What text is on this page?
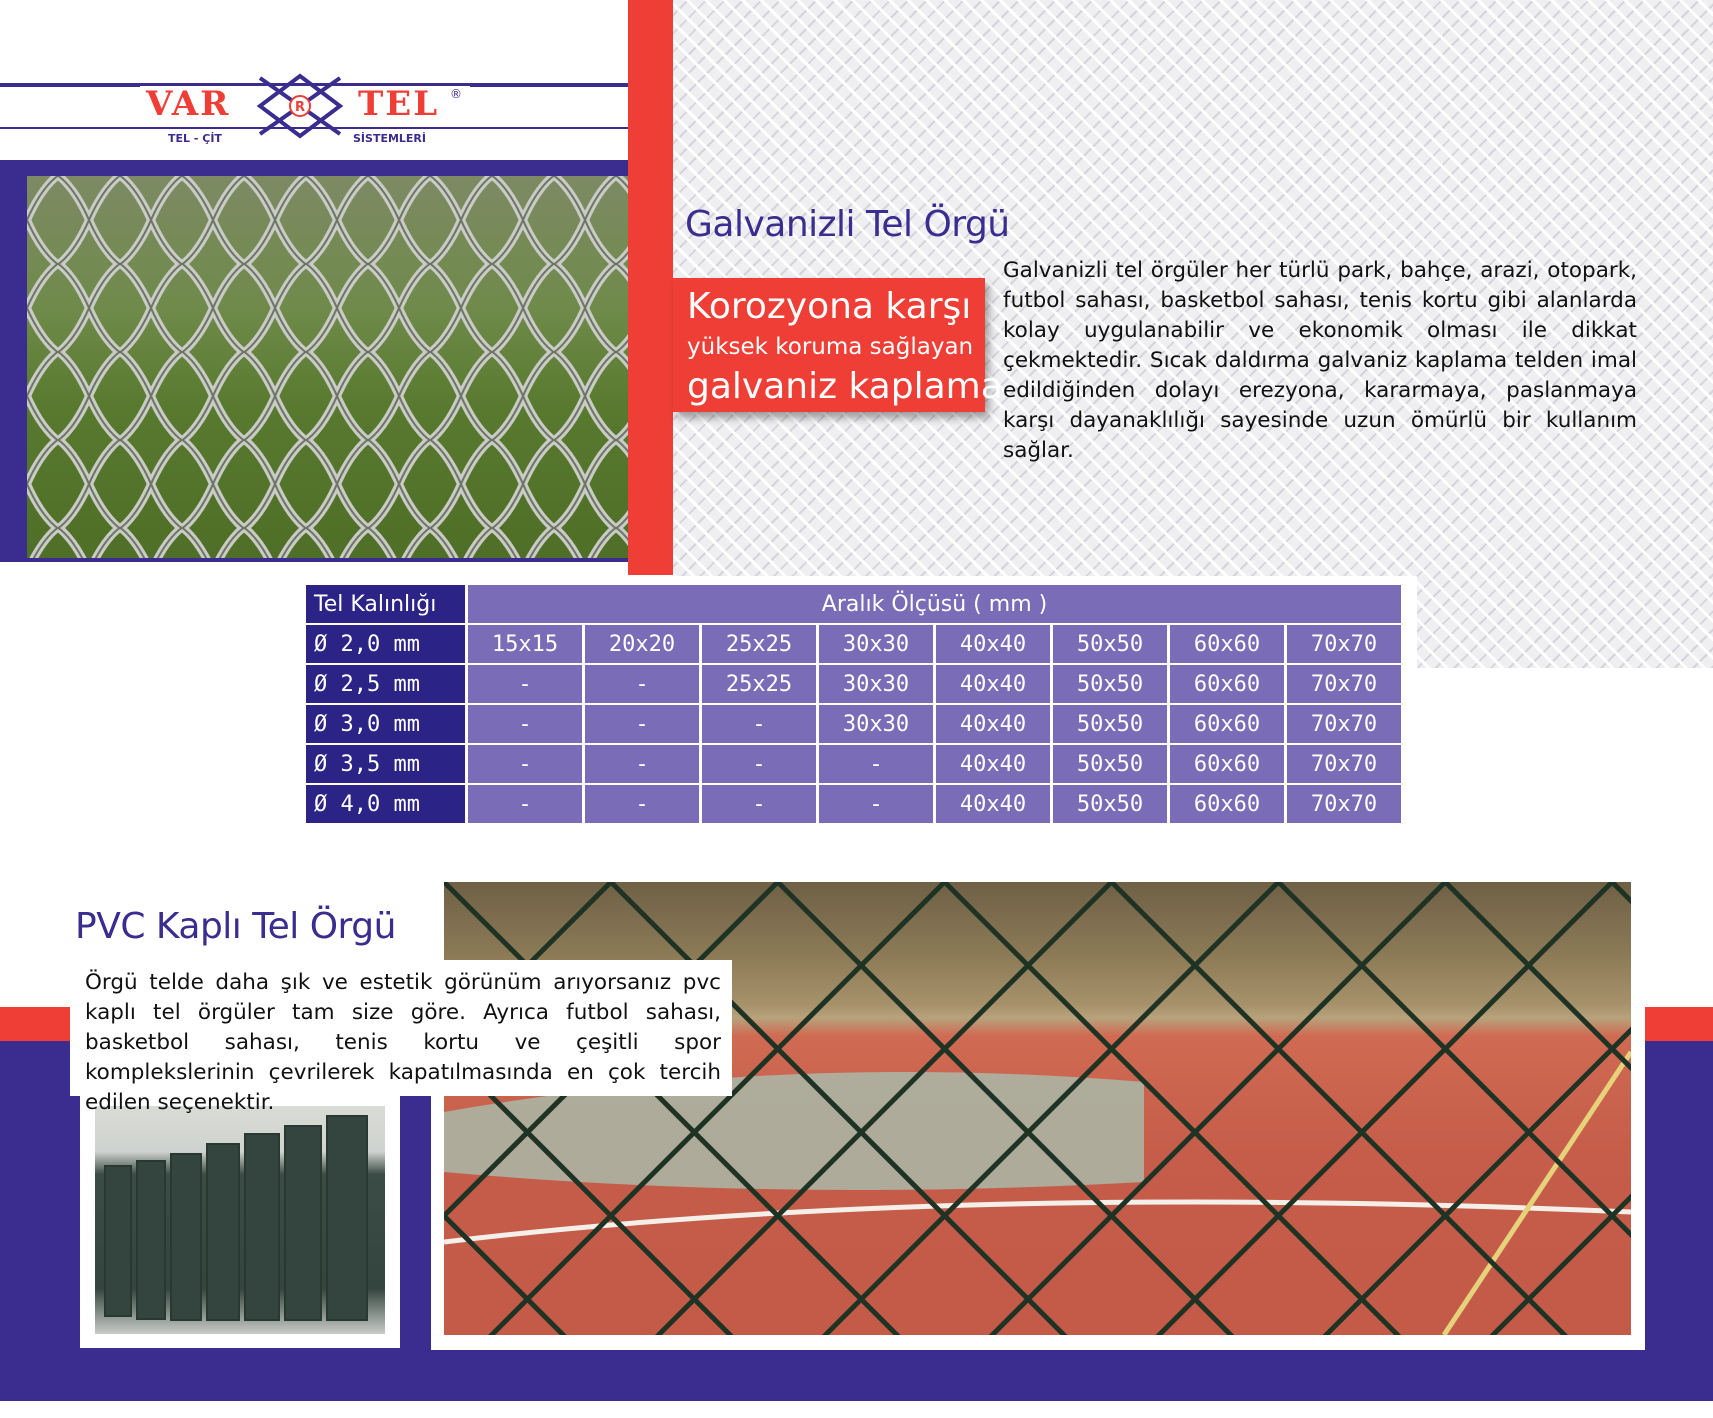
VAR	TEL
R
®
TEL - ÇİT	SİSTEMLERİ
Galvanizli Tel Örgü
Korozyona karşı
yüksek koruma sağlayan
galvaniz kaplama
Galvanizli tel örgüler her türlü park, bahçe, arazi, otopark, futbol sahası, basketbol sahası, tenis kortu gibi alanlarda kolay uygulanabilir ve ekonomik olması ile dikkat çekmektedir. Sıcak daldırma galvaniz kaplama telden imal edildiğinden dolayı erezyona, kararmaya, paslanmaya karşı dayanaklılığı sayesinde uzun ömürlü bir kullanım sağlar.
Tel Kalınlığı	Aralık Ölçüsü ( mm )							
Ø 2,0 mm	15x15	20x20	25x25	30x30	40x40	50x50	60x60	70x70
Ø 2,5 mm	-	-	25x25	30x30	40x40	50x50	60x60	70x70
Ø 3,0 mm	-	-	-	30x30	40x40	50x50	60x60	70x70
Ø 3,5 mm	-	-	-	-	40x40	50x50	60x60	70x70
Ø 4,0 mm	-	-	-	-	40x40	50x50	60x60	70x70
PVC Kaplı Tel Örgü
Örgü telde daha şık ve estetik görünüm arıyorsanız pvc kaplı tel örgüler tam size göre. Ayrıca futbol sahası, basketbol sahası, tenis kortu ve çeşitli spor komplekslerinin çevrilerek kapatılmasında en çok tercih edilen seçenektir.
